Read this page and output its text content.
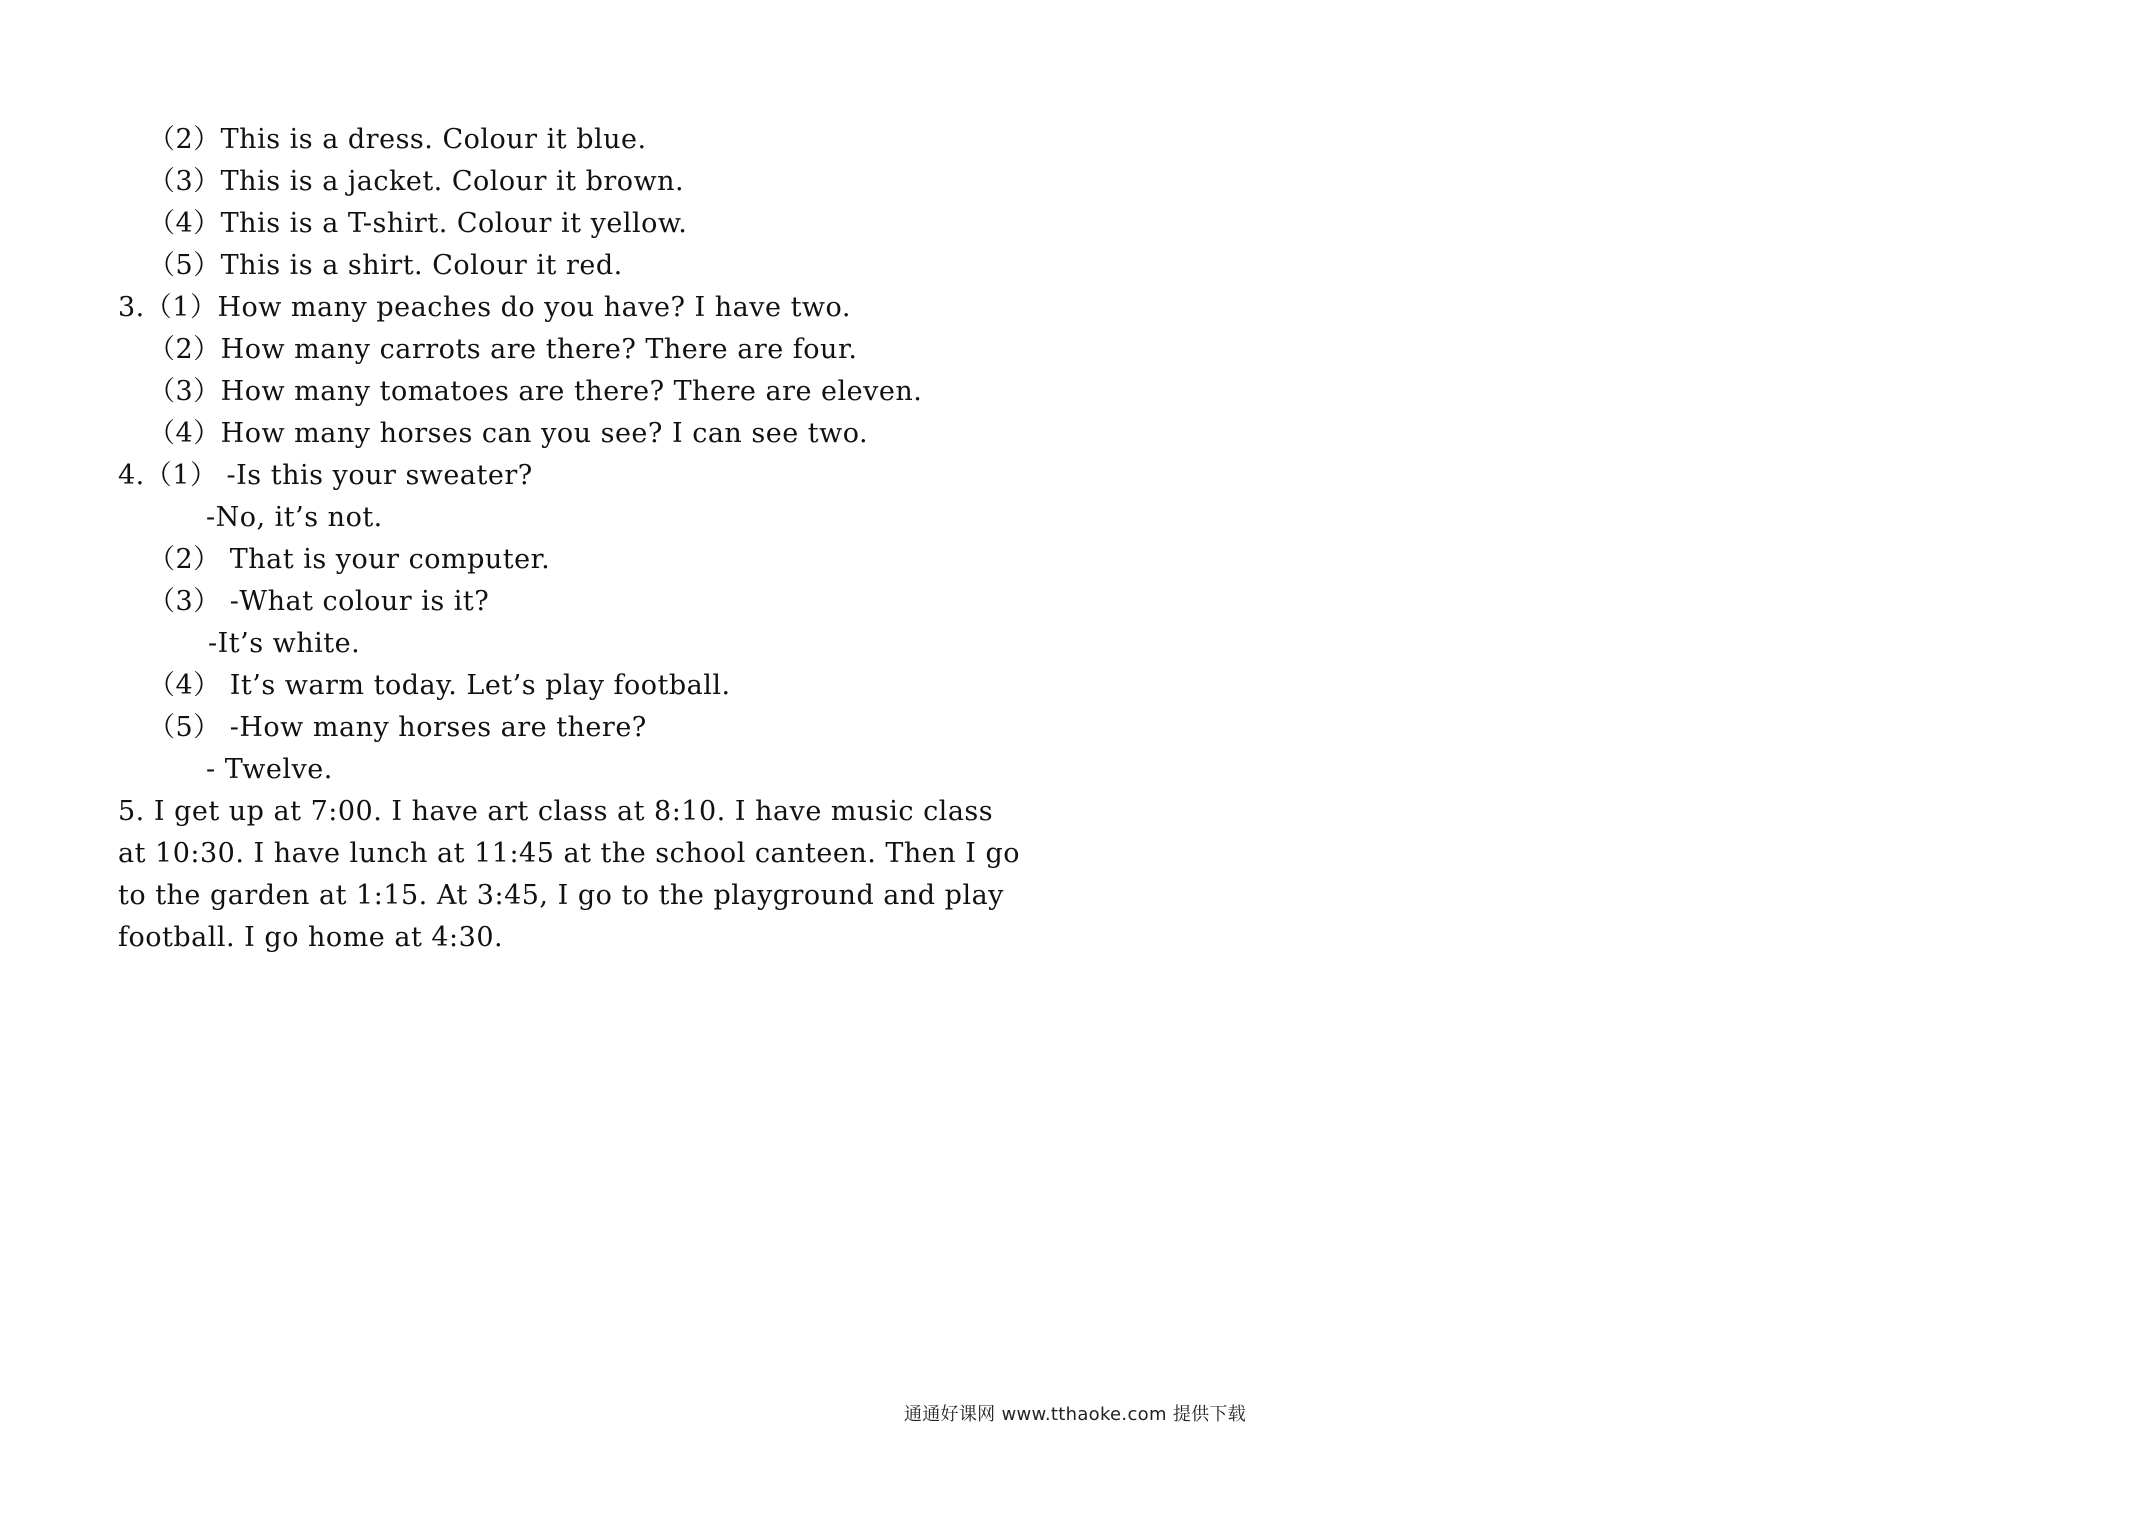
（2）This is a dress. Colour it blue.
（3）This is a jacket. Colour it brown.
（4）This is a T-shirt. Colour it yellow.
（5）This is a shirt. Colour it red.
3.（1）How many peaches do you have? I have two.
（2）How many carrots are there? There are four.
（3）How many tomatoes are there? There are eleven.
（4）How many horses can you see? I can see two.
4.（1） -Is this your sweater?
-No, it’s not.
（2） That is your computer.
（3） -What colour is it?
-It’s white.
（4） It’s warm today. Let’s play football.
（5） -How many horses are there?
- Twelve.
5. I get up at 7:00. I have art class at 8:10. I have music class
at 10:30. I have lunch at 11:45 at the school canteen. Then I go
to the garden at 1:15. At 3:45, I go to the playground and play
football. I go home at 4:30.
通通好课网 www.tthaoke.com 提供下载
